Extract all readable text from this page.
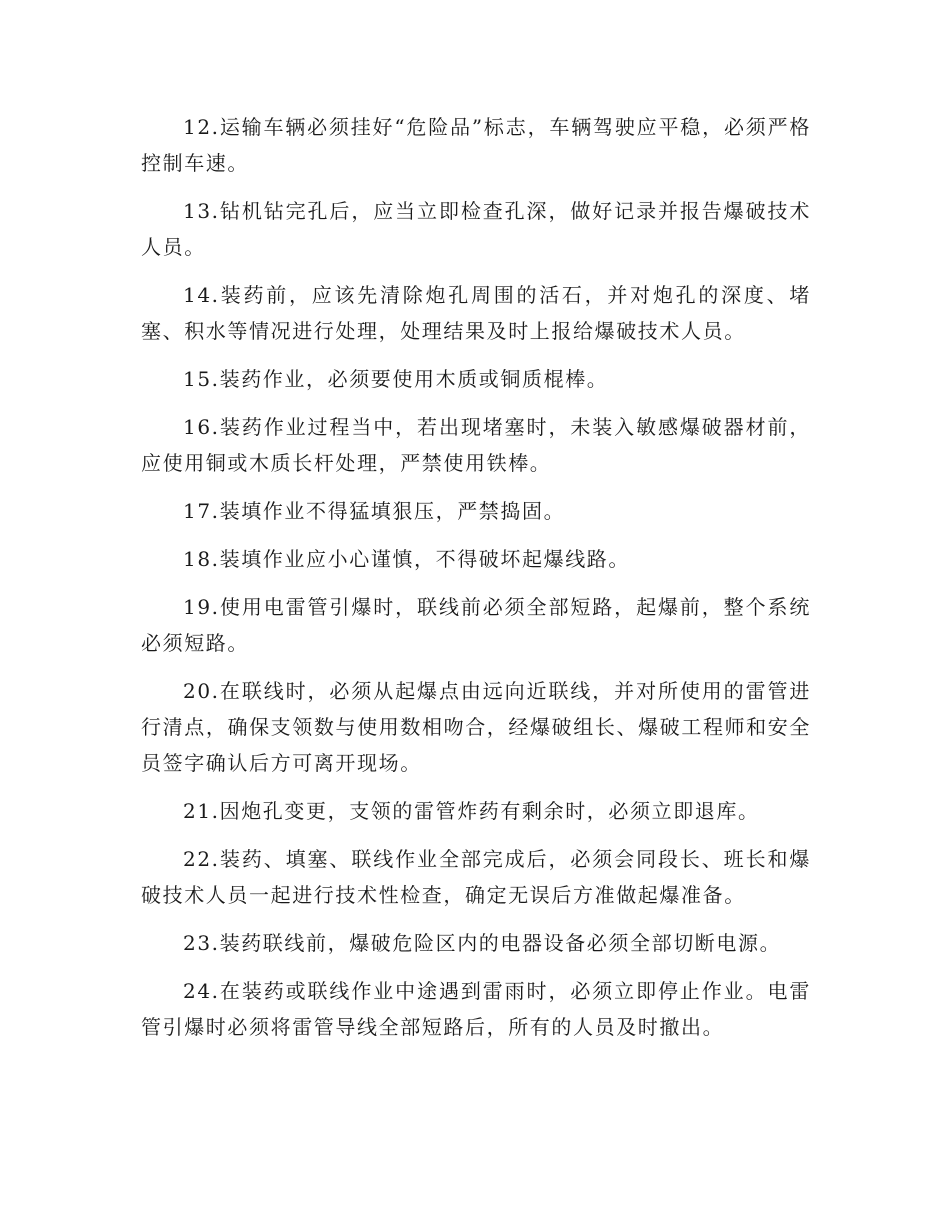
12.运输车辆必须挂好“危险品”标志，车辆驾驶应平稳，必须严格控制车速。

13.钻机钻完孔后，应当立即检查孔深，做好记录并报告爆破技术人员。

14.装药前，应该先清除炮孔周围的活石，并对炮孔的深度、堵塞、积水等情况进行处理，处理结果及时上报给爆破技术人员。

15.装药作业，必须要使用木质或铜质棍棒。

16.装药作业过程当中，若出现堵塞时，未装入敏感爆破器材前，应使用铜或木质长杆处理，严禁使用铁棒。

17.装填作业不得猛填狠压，严禁捣固。

18.装填作业应小心谨慎，不得破坏起爆线路。

19.使用电雷管引爆时，联线前必须全部短路，起爆前，整个系统必须短路。

20.在联线时，必须从起爆点由远向近联线，并对所使用的雷管进行清点，确保支领数与使用数相吻合，经爆破组长、爆破工程师和安全员签字确认后方可离开现场。

21.因炮孔变更，支领的雷管炸药有剩余时，必须立即退库。

22.装药、填塞、联线作业全部完成后，必须会同段长、班长和爆破技术人员一起进行技术性检查，确定无误后方准做起爆准备。

23.装药联线前，爆破危险区内的电器设备必须全部切断电源。

24.在装药或联线作业中途遇到雷雨时，必须立即停止作业。电雷管引爆时必须将雷管导线全部短路后，所有的人员及时撤出。
